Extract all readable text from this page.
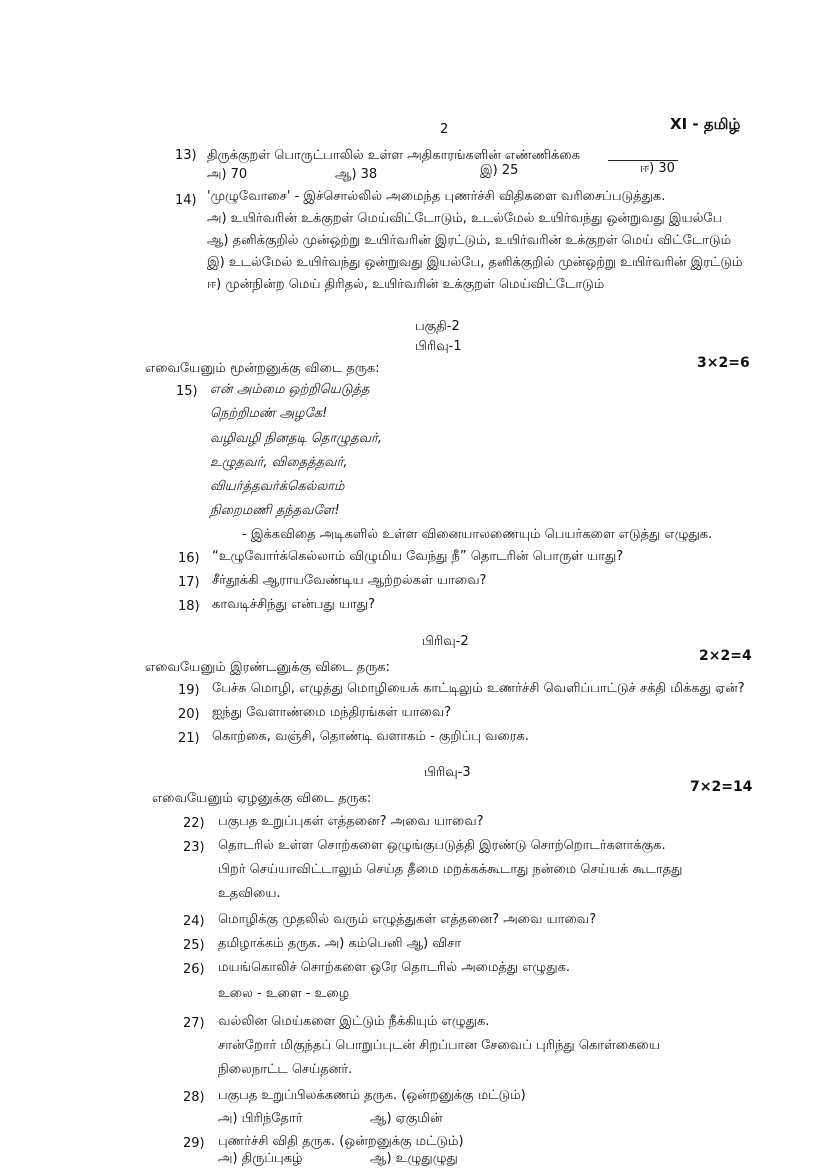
2	XI - தமிழ்
13) திருக்குறள் பொருட்பாலில் உள்ள அதிகாரங்களின் எண்ணிக்கை
அ) 70	ஆ) 38	இ) 25	ஈ) 30
14) 'முழுவோசை' - இச்சொல்லில் அமைந்த புணர்ச்சி விதிகளை வரிசைப்படுத்துக.
அ) உயிர்வரின் உக்குறள் மெய்விட்டோடும், உடல்மேல் உயிர்வந்து ஒன்றுவது இயல்பே
ஆ) தனிக்குறில் முன்ஒற்று உயிர்வரின் இரட்டும், உயிர்வரின் உக்குறள் மெய் விட்டோடும்
இ) உடல்மேல் உயிர்வந்து ஒன்றுவது இயல்பே, தனிக்குறில் முன்ஒற்று உயிர்வரின் இரட்டும்
ஈ) முன்நின்ற மெய் திரிதல், உயிர்வரின் உக்குறள் மெய்விட்டோடும்
பகுதி-2
பிரிவு-1
எவையேனும் மூன்றனுக்கு விடை தருக:	3×2=6
15) என் அம்மை ஒற்றியெடுத்த
நெற்றிமண் அழகே!
வழிவழி நினதடி தொழுதவர்,
உழுதவர், விதைத்தவர்,
வியர்த்தவர்க்கெல்லாம்
நிறைமணி தந்தவளே!
- இக்கவிதை அடிகளில் உள்ள வினையாலணையும் பெயர்களை எடுத்து எழுதுக.
16) “உழுவோர்க்கெல்லாம் விழுமிய வேந்து நீ” தொடரின் பொருள் யாது?
17) சீர்தூக்கி ஆராயவேண்டிய ஆற்றல்கள் யாவை?
18) காவடிச்சிந்து என்பது யாது?
பிரிவு-2
எவையேனும் இரண்டனுக்கு விடை தருக:
2×2=4
19) பேச்சு மொழி, எழுத்து மொழியைக் காட்டிலும் உணர்ச்சி வெளிப்பாட்டுச் சக்தி மிக்கது ஏன்?
20) ஐந்து வேளாண்மை மந்திரங்கள் யாவை?
21) கொற்கை, வஞ்சி, தொண்டி வளாகம் - குறிப்பு வரைக.
பிரிவு-3
எவையேனும் ஏழனுக்கு விடை தருக:
7×2=14
22) பகுபத உறுப்புகள் எத்தனை? அவை யாவை?
23) தொடரில் உள்ள சொற்களை ஒழுங்குபடுத்தி இரண்டு சொற்றொடர்களாக்குக.
பிறர் செய்யாவிட்டாலும் செய்த தீமை மறக்கக்கூடாது நன்மை செய்யக் கூடாதது
உதவியை.
24) மொழிக்கு முதலில் வரும் எழுத்துகள் எத்தனை? அவை யாவை?
25) தமிழாக்கம் தருக. அ) கம்பெனி ஆ) விசா
26) மயங்கொலிச் சொற்களை ஒரே தொடரில் அமைத்து எழுதுக.
உலை - உளை - உழை
27) வல்லின மெய்களை இட்டும் நீக்கியும் எழுதுக.
சான்றோர் மிகுந்தப் பொறுப்புடன் சிறப்பான சேவைப் புரிந்து கொள்கையை
நிலைநாட்ட செய்தனர்.
28) பகுபத உறுப்பிலக்கணம் தருக. (ஒன்றனுக்கு மட்டும்)
அ) பிரிந்தோர்	ஆ) ஏகுமின்
29) புணர்ச்சி விதி தருக. (ஒன்றனுக்கு மட்டும்)
அ) திருப்புகழ்	ஆ) உழுதுழுது
